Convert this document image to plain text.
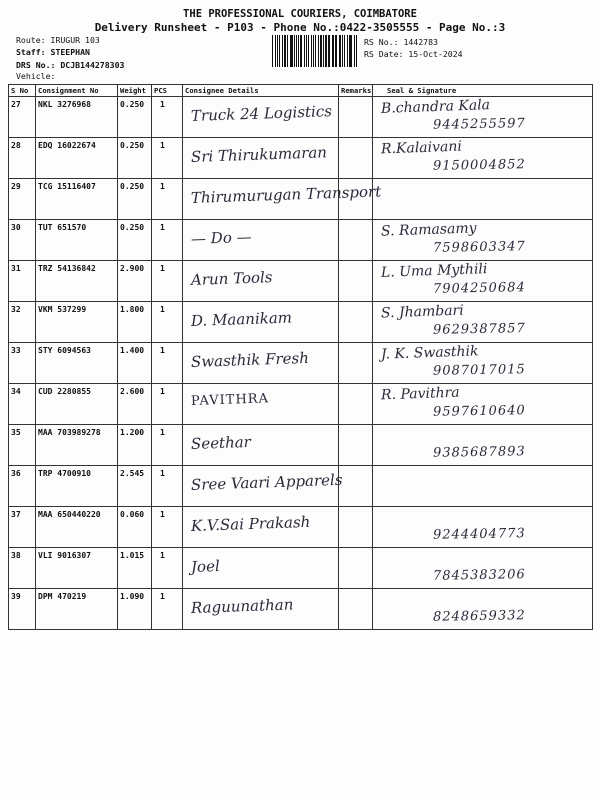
THE PROFESSIONAL COURIERS, COIMBATORE
Delivery Runsheet - P103 - Phone No.:0422-3505555 - Page No.:3
Route: IRUGUR 103
Staff: STEEPHAN
DRS No.: DCJB144278303
Vehicle:
RS No.: 1442783
RS Date: 15-Oct-2024
S No	Consignment No	Weight	PCS	Consignee Details	Remarks	Seal & Signature

27	NKL 3276968	0.250	1	Truck 24 Logistics		B.chandra Kala
9445255597

28	EDQ 16022674	0.250	1	Sri Thirukumaran		R.Kalaivani
9150004852

29	TCG 15116407	0.250	1	Thirumurugan Transport		

30	TUT 651570	0.250	1	— Do —		S. Ramasamy
7598603347

31	TRZ 54136842	2.900	1	Arun Tools		L. Uma Mythili
7904250684

32	VKM 537299	1.800	1	D. Maanikam		S. Jhambari
9629387857

33	STY 6094563	1.400	1	Swasthik Fresh		J. K. Swasthik
9087017015

34	CUD 2280855	2.600	1	PAVITHRA		R. Pavithra
9597610640

35	MAA 703989278	1.200	1	Seethar		9385687893

36	TRP 4700910	2.545	1	Sree Vaari Apparels		

37	MAA 650440220	0.060	1	K.V.Sai Prakash		9244404773

38	VLI 9016307	1.015	1	Joel		7845383206

39	DPM 470219	1.090	1	Raguunathan		8248659332
